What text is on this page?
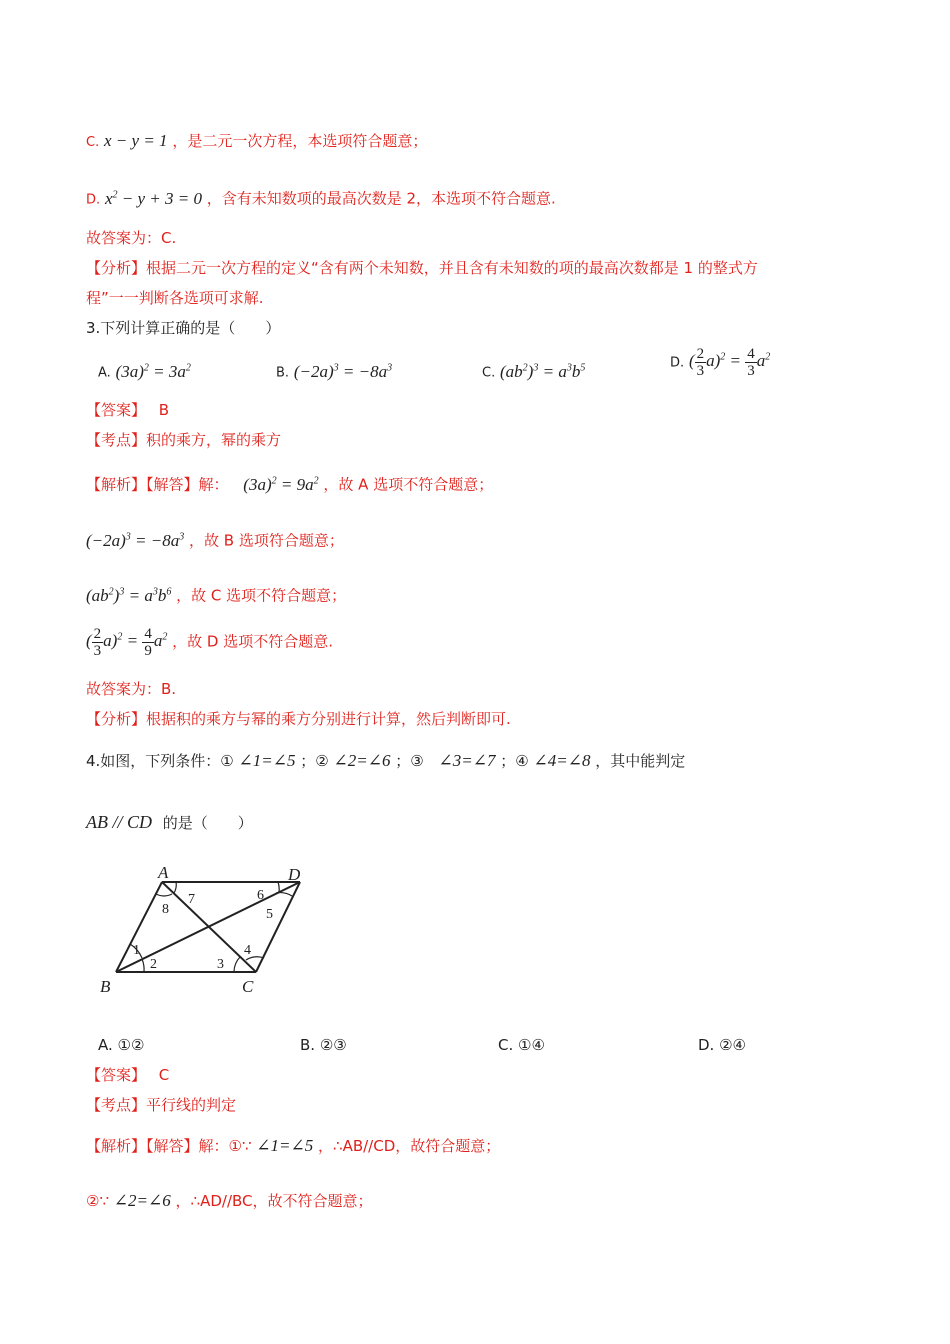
C. x − y = 1 ，是二元一次方程，本选项符合题意；
D. $x^2 - y + 3 = 0$ ，含有未知数项的最高次数是 2，本选项不符合题意.
故答案为：C.
【分析】根据二元一次方程的定义“含有两个未知数，并且含有未知数的项的最高次数都是 1 的整式方
程”一一判断各选项可求解.
3.下列计算正确的是（　　）
A. $(3a)^2 = 3a^2$	B. $(-2a)^3 = -8a^3$	C. $(ab^2)^3 = a^3b^5$	D. ( $\frac{2}{3} a)^2 = \frac{4}{3} a^2$
【答案】 B
【考点】积的乘方，幂的乘方
【解析】【解答】解： $(3a)^2 = 9a^2$ ，故 A 选项不符合题意；
$(-2a)^3 = -8a^3$ ，故 B 选项符合题意；
$(ab^2)^3 = a^3b^6$ ，故 C 选项不符合题意；
( $\frac{2}{3} a)^2 = \frac{4}{9} a^2$ ，故 D 选项不符合题意.
故答案为：B.
【分析】根据积的乘方与幂的乘方分别进行计算，然后判断即可.
4.如图，下列条件：① ∠1=∠5 ；② ∠2=∠6 ；③ ∠3=∠7 ；④ ∠4=∠8 ，其中能判定
AB // CD 的是（　　）
A	D
B	C
1
2	3
4
5
6
7
8
A. ①②	B. ②③	C. ①④	D. ②④
【答案】 C
【考点】平行线的判定
【解析】【解答】解：①∵ ∠1=∠5 ，∴AB//CD，故符合题意；
②∵ ∠2=∠6 ，∴AD//BC，故不符合题意；
